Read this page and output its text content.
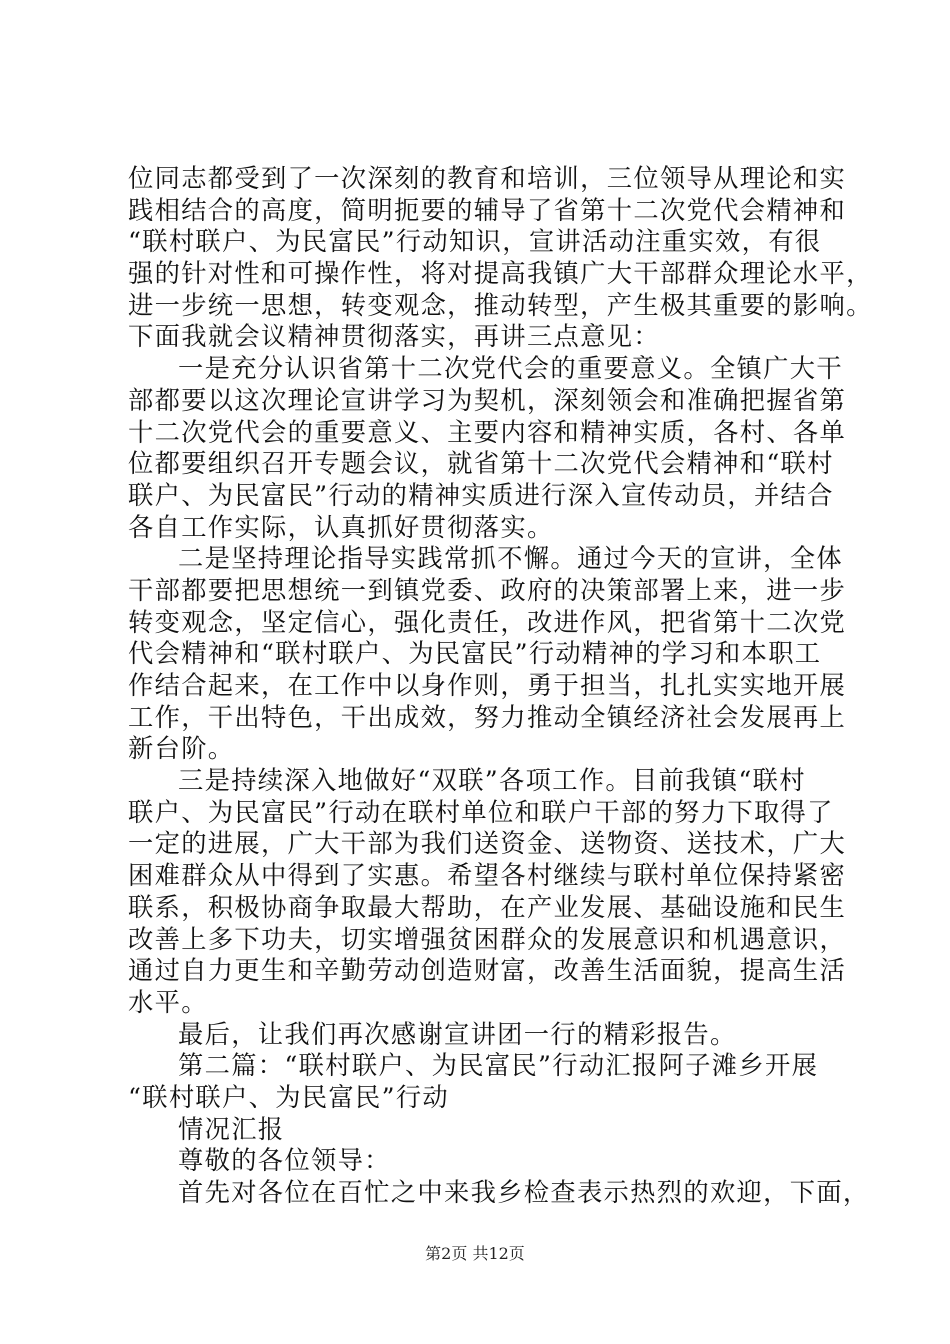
位同志都受到了一次深刻的教育和培训，三位领导从理论和实
践相结合的高度，简明扼要的辅导了省第十二次党代会精神和
“联村联户、为民富民”行动知识，宣讲活动注重实效，有很
强的针对性和可操作性，将对提高我镇广大干部群众理论水平，
进一步统一思想，转变观念，推动转型，产生极其重要的影响。
下面我就会议精神贯彻落实，再讲三点意见：
一是充分认识省第十二次党代会的重要意义。全镇广大干
部都要以这次理论宣讲学习为契机，深刻领会和准确把握省第
十二次党代会的重要意义、主要内容和精神实质，各村、各单
位都要组织召开专题会议，就省第十二次党代会精神和“联村
联户、为民富民”行动的精神实质进行深入宣传动员，并结合
各自工作实际，认真抓好贯彻落实。
二是坚持理论指导实践常抓不懈。通过今天的宣讲，全体
干部都要把思想统一到镇党委、政府的决策部署上来，进一步
转变观念，坚定信心，强化责任，改进作风，把省第十二次党
代会精神和“联村联户、为民富民”行动精神的学习和本职工
作结合起来，在工作中以身作则，勇于担当，扎扎实实地开展
工作，干出特色，干出成效，努力推动全镇经济社会发展再上
新台阶。
三是持续深入地做好“双联”各项工作。目前我镇“联村
联户、为民富民”行动在联村单位和联户干部的努力下取得了
一定的进展，广大干部为我们送资金、送物资、送技术，广大
困难群众从中得到了实惠。希望各村继续与联村单位保持紧密
联系，积极协商争取最大帮助，在产业发展、基础设施和民生
改善上多下功夫，切实增强贫困群众的发展意识和机遇意识，
通过自力更生和辛勤劳动创造财富，改善生活面貌，提高生活
水平。
最后，让我们再次感谢宣讲团一行的精彩报告。
第二篇：“联村联户、为民富民”行动汇报阿子滩乡开展
“联村联户、为民富民”行动
情况汇报
尊敬的各位领导：
首先对各位在百忙之中来我乡检查表示热烈的欢迎，下面，
第2页 共12页
